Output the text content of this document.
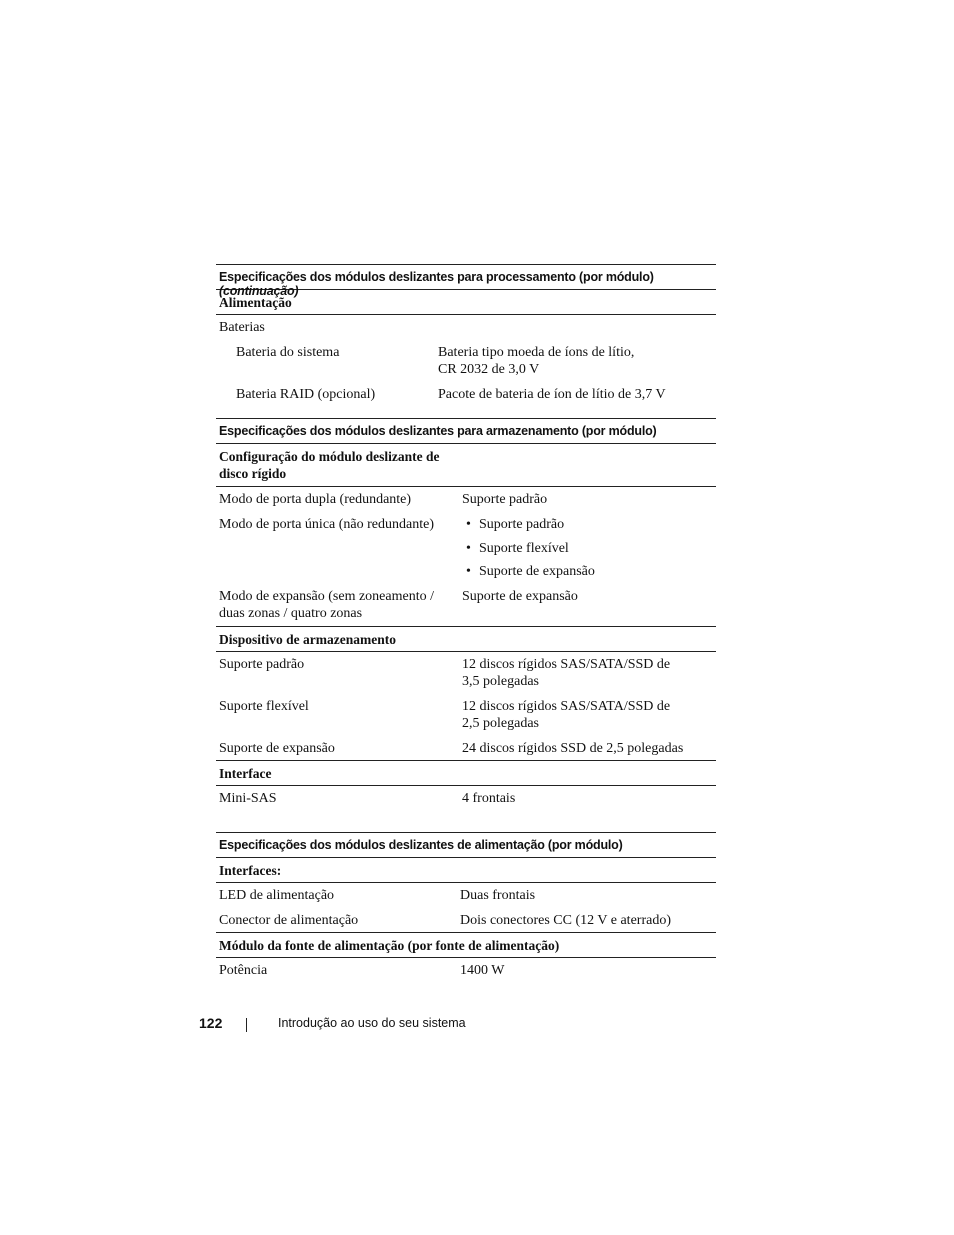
Especificações dos módulos deslizantes para processamento (por módulo) (continuação)
Alimentação
Baterias
Bateria do sistema	Bateria tipo moeda de íons de lítio,
CR 2032 de 3,0 V
Bateria RAID (opcional)	Pacote de bateria de íon de lítio de 3,7 V
Especificações dos módulos deslizantes para armazenamento (por módulo)
Configuração do módulo deslizante de
disco rígido
Modo de porta dupla (redundante)	Suporte padrão
Modo de porta única (não redundante)
•	Suporte padrão
• Suporte flexível
• Suporte de expansão
Modo de expansão (sem zoneamento /
duas zonas / quatro zonas
Suporte de expansão
Dispositivo de armazenamento
Suporte padrão	12 discos rígidos SAS/SATA/SSD de
3,5 polegadas
Suporte flexível	12 discos rígidos SAS/SATA/SSD de
2,5 polegadas
Suporte de expansão	24 discos rígidos SSD de 2,5 polegadas
Interface
Mini-SAS	4 frontais
Especificações dos módulos deslizantes de alimentação (por módulo)
Interfaces:
LED de alimentação	Duas frontais
Conector de alimentação	Dois conectores CC (12 V e aterrado)
Módulo da fonte de alimentação (por fonte de alimentação)
Potência	1400 W
122	Introdução ao uso do seu sistema
